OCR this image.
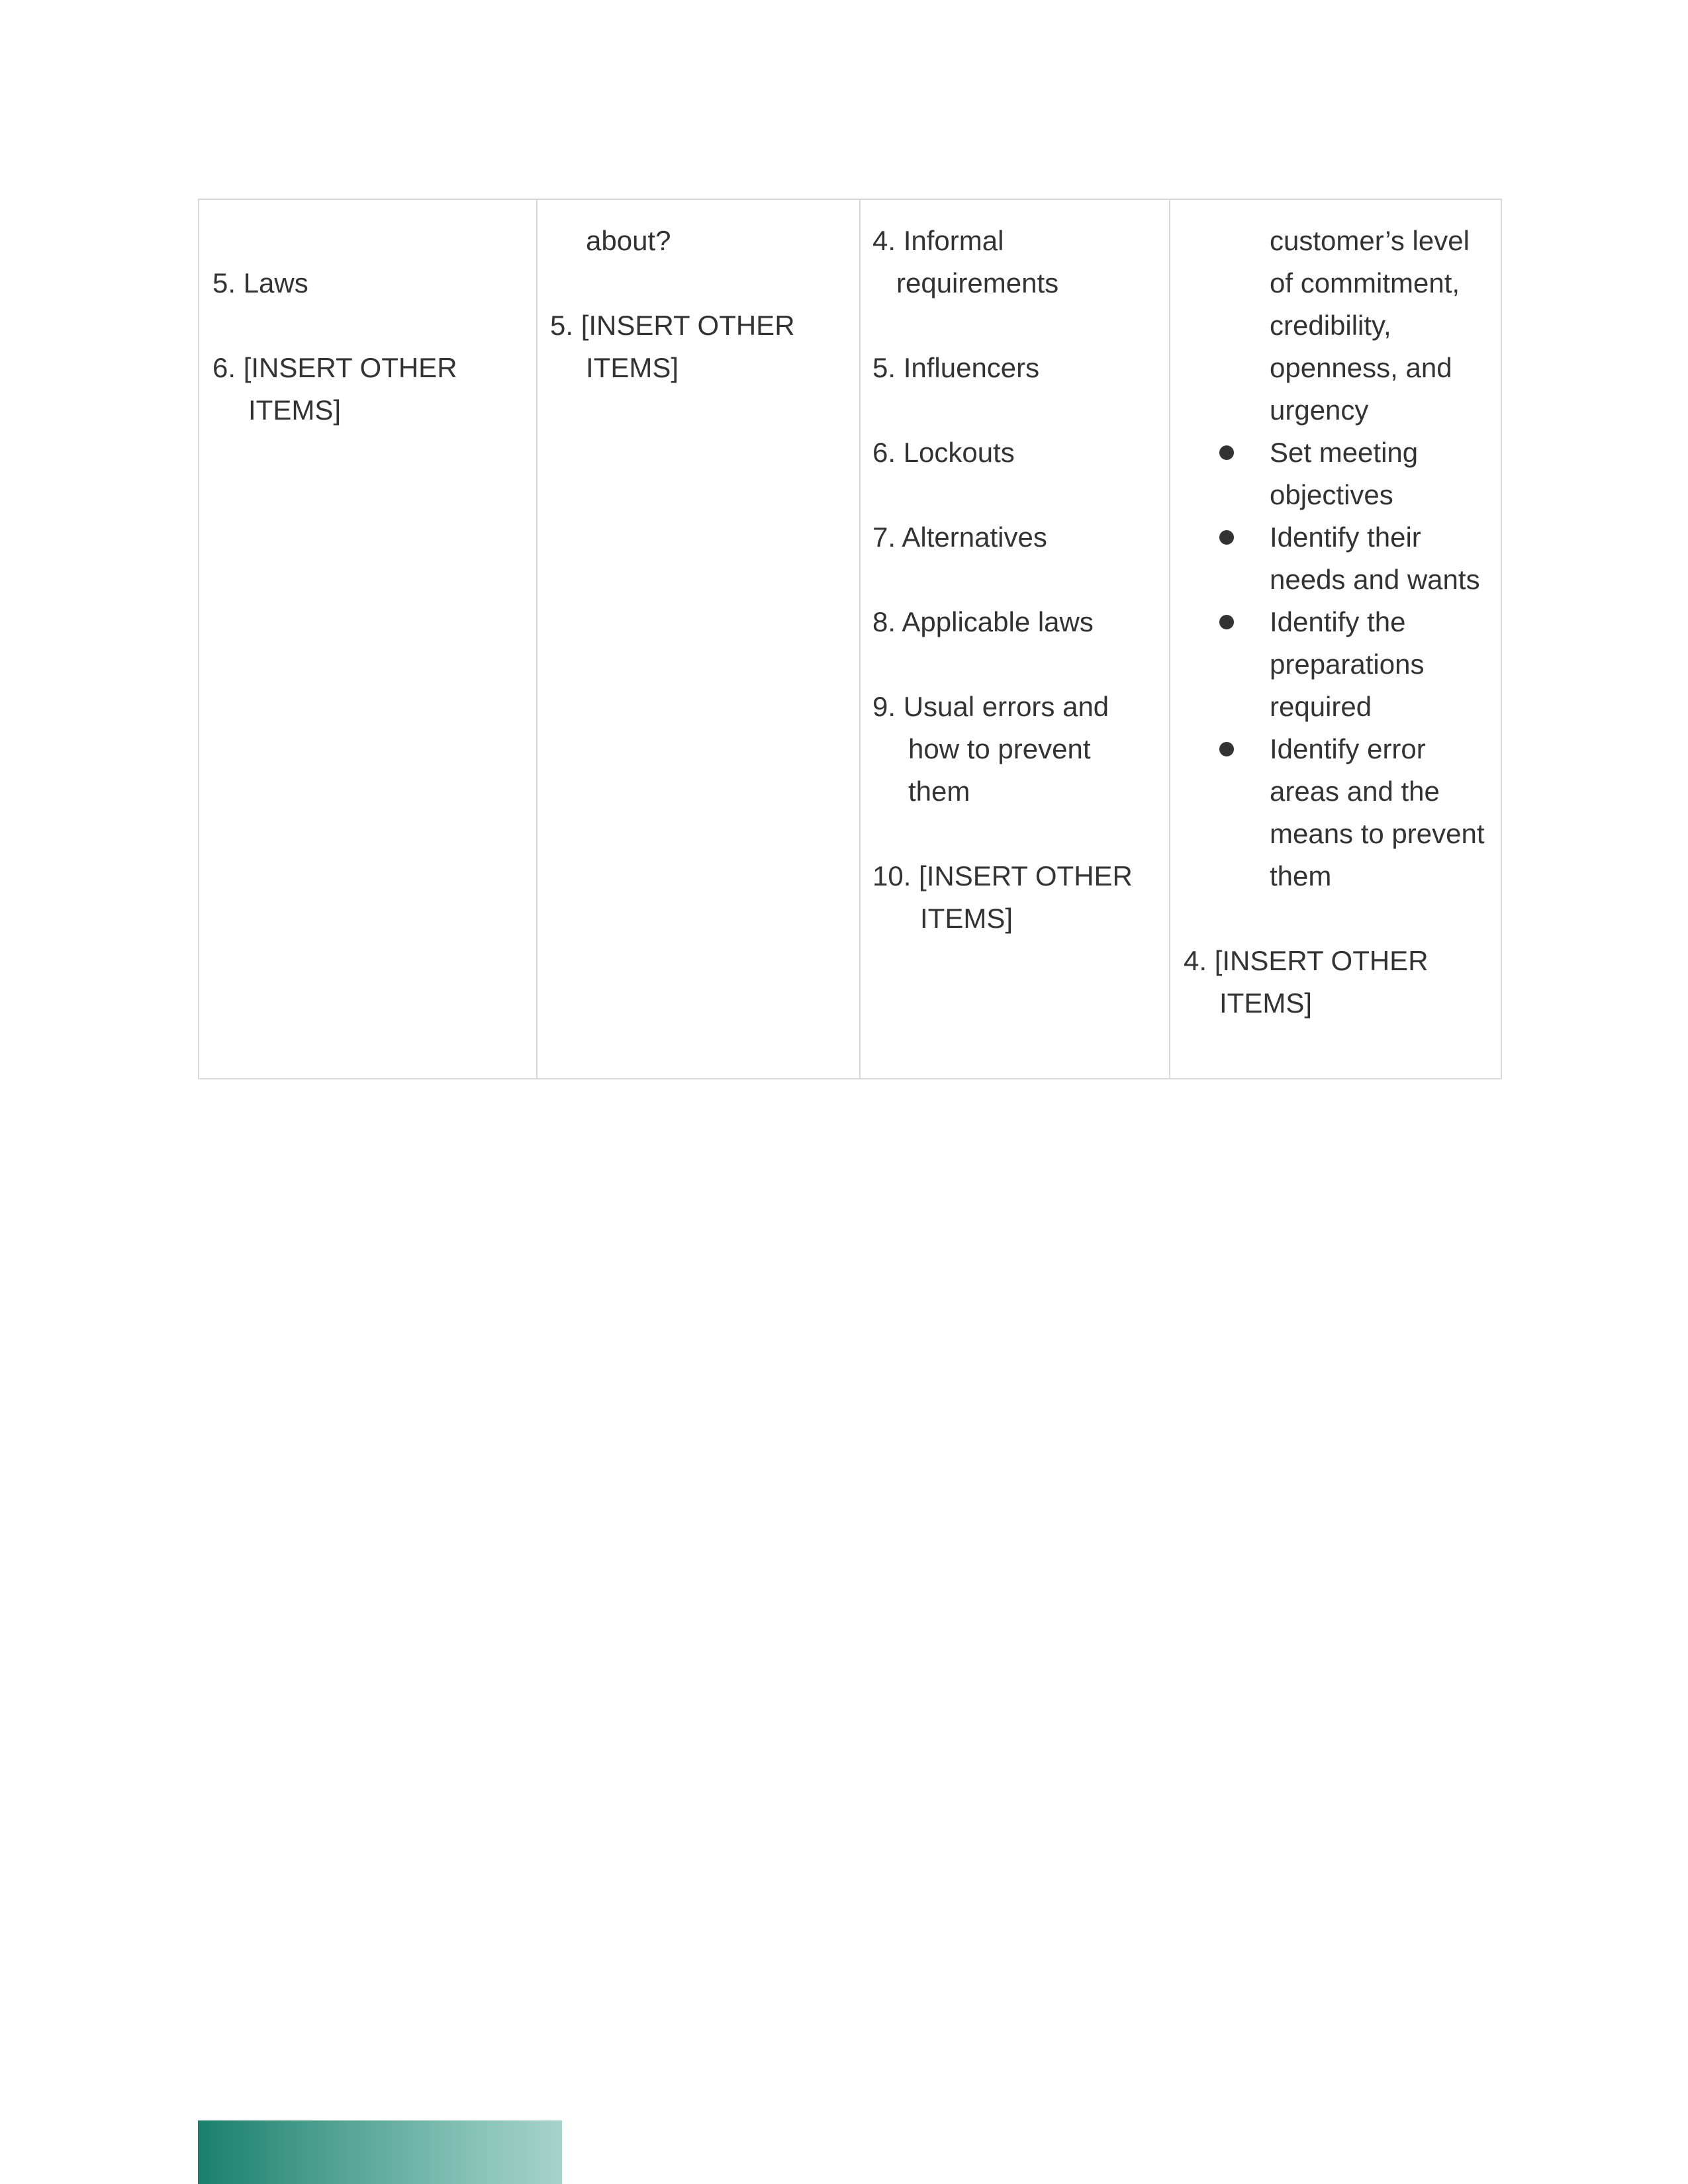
5. Laws
6. [INSERT OTHER
ITEMS]
about?
5. [INSERT OTHER
ITEMS]
4. Informal
requirements
5. Influencers
6. Lockouts
7. Alternatives
8. Applicable laws
9. Usual errors and
how to prevent
them
10. [INSERT OTHER
ITEMS]
customer’s level
of commitment,
credibility,
openness, and
urgency
Set meeting
objectives
Identify their
needs and wants
Identify the
preparations
required
Identify error
areas and the
means to prevent
them
4. [INSERT OTHER
ITEMS]
